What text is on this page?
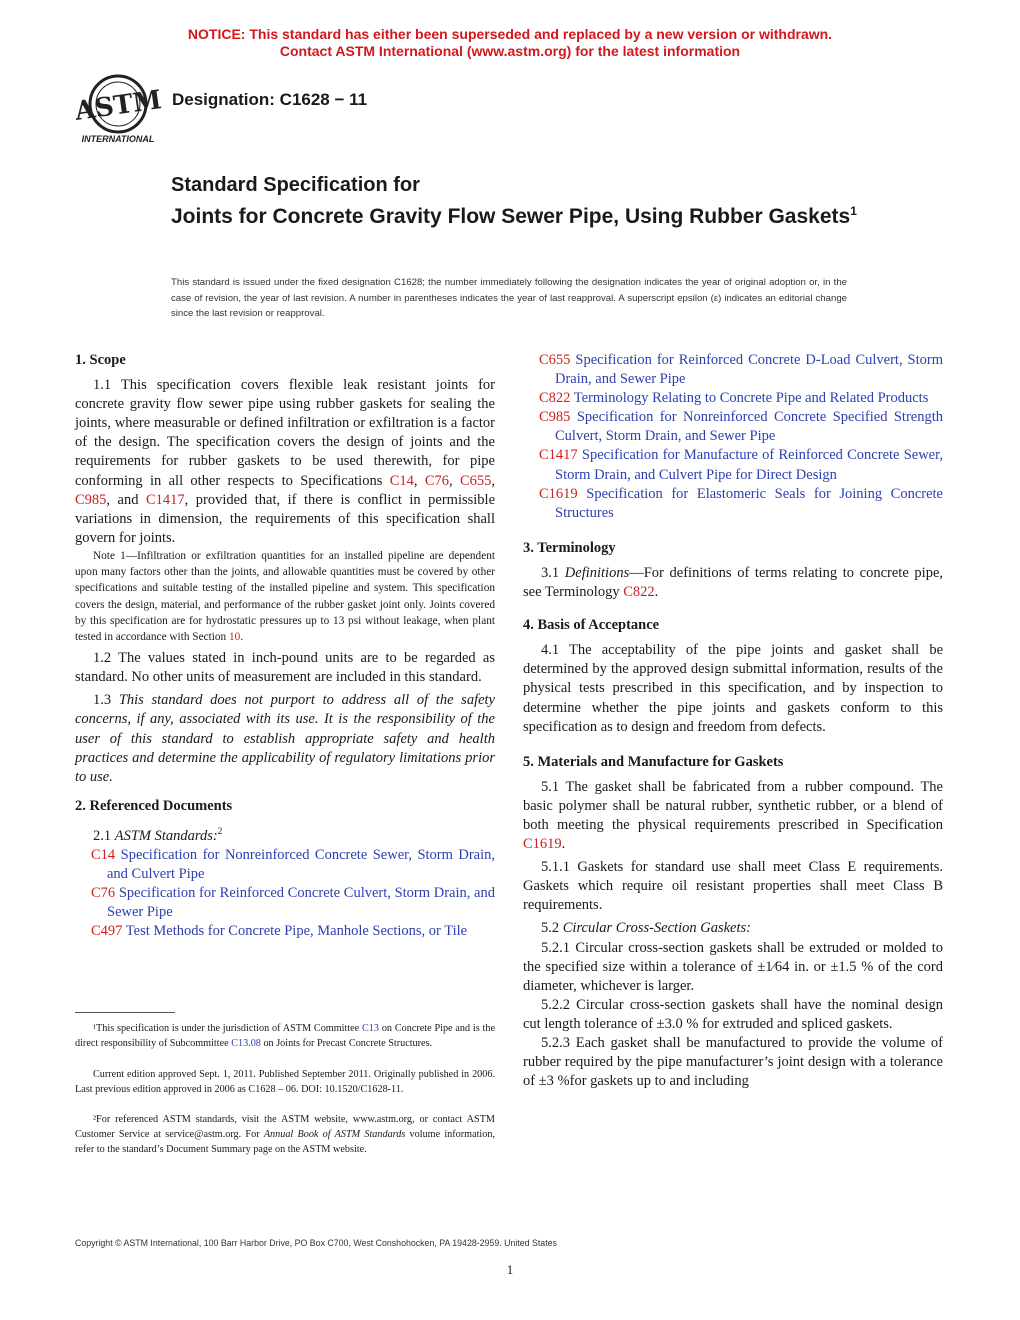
NOTICE: This standard has either been superseded and replaced by a new version or withdrawn.
Contact ASTM International (www.astm.org) for the latest information
ASTM
INTERNATIONAL
Designation: C1628 − 11
Standard Specification for
Joints for Concrete Gravity Flow Sewer Pipe, Using Rubber Gaskets$^1$
This standard is issued under the fixed designation C1628; the number immediately following the designation indicates the year of original adoption or, in the case of revision, the year of last revision. A number in parentheses indicates the year of last reapproval. A superscript epsilon (ε) indicates an editorial change since the last revision or reapproval.
1. Scope
1.1 This specification covers flexible leak resistant joints for concrete gravity flow sewer pipe using rubber gaskets for sealing the joints, where measurable or defined infiltration or exfiltration is a factor of the design. The specification covers the design of joints and the requirements for rubber gaskets to be used therewith, for pipe conforming in all other respects to Specifications C14, C76, C655, C985, and C1417, provided that, if there is conflict in permissible variations in dimension, the requirements of this specification shall govern for joints.
Note 1—Infiltration or exfiltration quantities for an installed pipeline are dependent upon many factors other than the joints, and allowable quantities must be covered by other specifications and suitable testing of the installed pipeline and system. This specification covers the design, material, and performance of the rubber gasket joint only. Joints covered by this specification are for hydrostatic pressures up to 13 psi without leakage, when plant tested in accordance with Section 10.
1.2 The values stated in inch-pound units are to be regarded as standard. No other units of measurement are included in this standard.
1.3 This standard does not purport to address all of the safety concerns, if any, associated with its use. It is the responsibility of the user of this standard to establish appropriate safety and health practices and determine the applicability of regulatory limitations prior to use.
2. Referenced Documents
2.1 ASTM Standards:$^2$
C14 Specification for Nonreinforced Concrete Sewer, Storm Drain, and Culvert Pipe
C76 Specification for Reinforced Concrete Culvert, Storm Drain, and Sewer Pipe
C497 Test Methods for Concrete Pipe, Manhole Sections, or Tile
¹This specification is under the jurisdiction of ASTM Committee C13 on Concrete Pipe and is the direct responsibility of Subcommittee C13.08 on Joints for Precast Concrete Structures.
Current edition approved Sept. 1, 2011. Published September 2011. Originally published in 2006. Last previous edition approved in 2006 as C1628 – 06. DOI: 10.1520/C1628-11.
²For referenced ASTM standards, visit the ASTM website, www.astm.org, or contact ASTM Customer Service at service@astm.org. For Annual Book of ASTM Standards volume information, refer to the standard’s Document Summary page on the ASTM website.
C655 Specification for Reinforced Concrete D-Load Culvert, Storm Drain, and Sewer Pipe
C822 Terminology Relating to Concrete Pipe and Related Products
C985 Specification for Nonreinforced Concrete Specified Strength Culvert, Storm Drain, and Sewer Pipe
C1417 Specification for Manufacture of Reinforced Concrete Sewer, Storm Drain, and Culvert Pipe for Direct Design
C1619 Specification for Elastomeric Seals for Joining Concrete Structures
3. Terminology
3.1 Definitions—For definitions of terms relating to concrete pipe, see Terminology C822.
4. Basis of Acceptance
4.1 The acceptability of the pipe joints and gasket shall be determined by the approved design submittal information, results of the physical tests prescribed in this specification, and by inspection to determine whether the pipe joints and gaskets conform to this specification as to design and freedom from defects.
5. Materials and Manufacture for Gaskets
5.1 The gasket shall be fabricated from a rubber compound. The basic polymer shall be natural rubber, synthetic rubber, or a blend of both meeting the physical requirements prescribed in Specification C1619.
5.1.1 Gaskets for standard use shall meet Class E requirements. Gaskets which require oil resistant properties shall meet Class B requirements.
5.2 Circular Cross-Section Gaskets:
5.2.1 Circular cross-section gaskets shall be extruded or molded to the specified size within a tolerance of ±1⁄64 in. or ±1.5 % of the cord diameter, whichever is larger.
5.2.2 Circular cross-section gaskets shall have the nominal design cut length tolerance of ±3.0 % for extruded and spliced gaskets.
5.2.3 Each gasket shall be manufactured to provide the volume of rubber required by the pipe manufacturer’s joint design with a tolerance of ±3 %for gaskets up to and including
Copyright © ASTM International, 100 Barr Harbor Drive, PO Box C700, West Conshohocken, PA 19428-2959. United States
1
